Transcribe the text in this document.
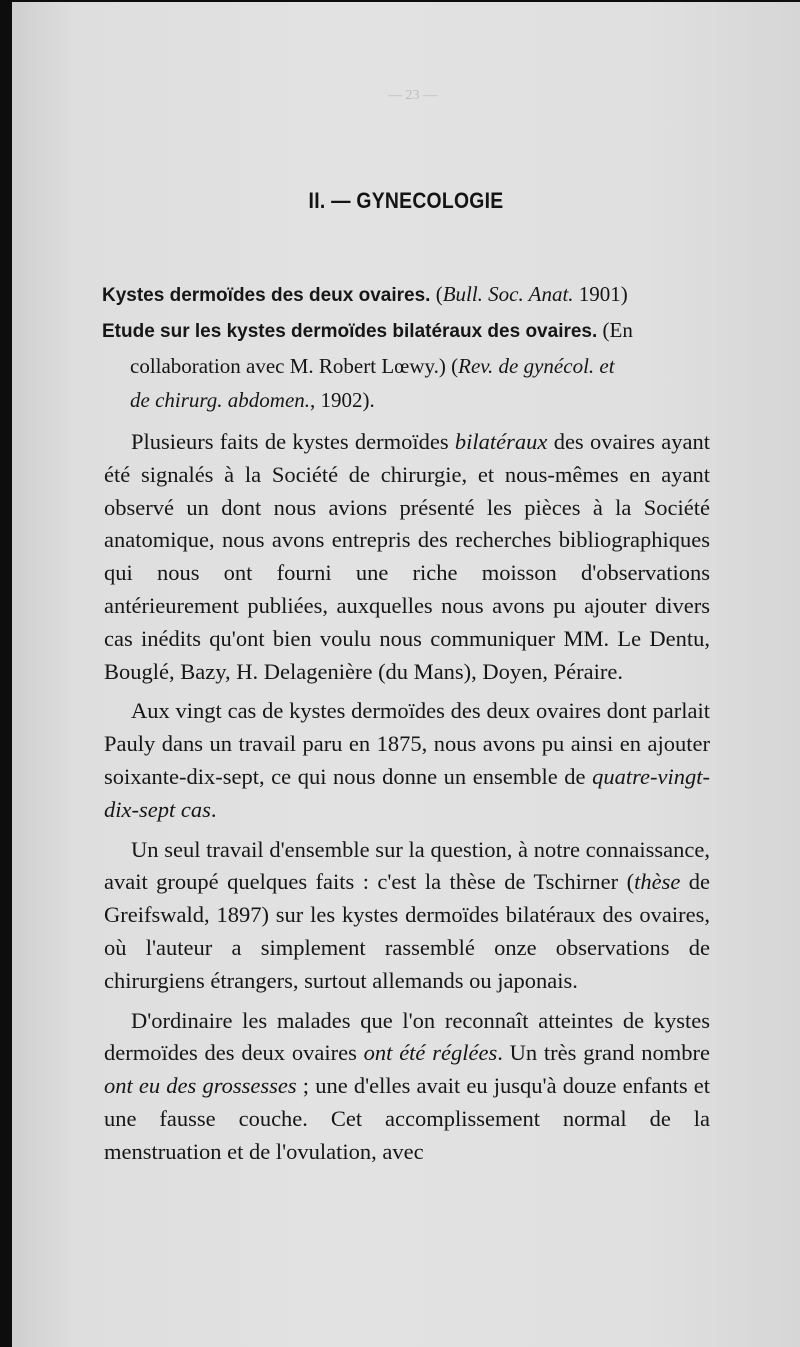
— 23 —
II. — GYNECOLOGIE
Kystes dermoïdes des deux ovaires. (Bull. Soc. Anat. 1901)
Etude sur les kystes dermoïdes bilatéraux des ovaires. (En
collaboration avec M. Robert Lœwy.) (Rev. de gynécol. et
de chirurg. abdomen., 1902).

Plusieurs faits de kystes dermoïdes bilatéraux des ovaires ayant été signalés à la Société de chirurgie, et nous-mêmes en ayant observé un dont nous avions présenté les pièces à la Société anatomique, nous avons entrepris des recherches bibliographiques qui nous ont fourni une riche moisson d'observations antérieurement publiées, auxquelles nous avons pu ajouter divers cas inédits qu'ont bien voulu nous communiquer MM. Le Dentu, Bouglé, Bazy, H. Delagenière (du Mans), Doyen, Péraire.

Aux vingt cas de kystes dermoïdes des deux ovaires dont parlait Pauly dans un travail paru en 1875, nous avons pu ainsi en ajouter soixante-dix-sept, ce qui nous donne un ensemble de quatre-vingt-dix-sept cas.

Un seul travail d'ensemble sur la question, à notre connaissance, avait groupé quelques faits : c'est la thèse de Tschirner (thèse de Greifswald, 1897) sur les kystes dermoïdes bilatéraux des ovaires, où l'auteur a simplement rassemblé onze observations de chirurgiens étrangers, surtout allemands ou japonais.

D'ordinaire les malades que l'on reconnaît atteintes de kystes dermoïdes des deux ovaires ont été réglées. Un très grand nombre ont eu des grossesses ; une d'elles avait eu jusqu'à douze enfants et une fausse couche. Cet accomplissement normal de la menstruation et de l'ovulation, avec
